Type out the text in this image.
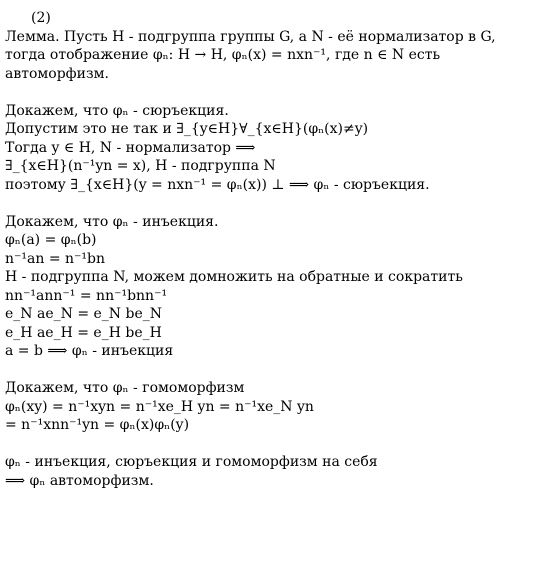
(2)
Лемма. Пусть H - подгруппа группы G, а N - её нормализатор в G,
тогда отображение φₙ: H → H, φₙ(x) = nxn⁻¹, где n ∈ N есть
автоморфизм.
Докажем, что φₙ - сюръекция.
Допустим это не так и ∃_{y∈H}∀_{x∈H}(φₙ(x)≠y)
Тогда y ∈ H, N - нормализатор ⟹
∃_{x∈H}(n⁻¹yn = x), H - подгруппа N
поэтому ∃_{x∈H}(y = nxn⁻¹ = φₙ(x)) ⊥ ⟹ φₙ - сюръекция.
Докажем, что φₙ - инъекция.
φₙ(a) = φₙ(b)
n⁻¹an = n⁻¹bn
H - подгруппа N, можем домножить на обратные и сократить
nn⁻¹ann⁻¹ = nn⁻¹bnn⁻¹
e_N ae_N = e_N be_N
e_H ae_H = e_H be_H
a = b ⟹ φₙ - инъекция
Докажем, что φₙ - гомоморфизм
φₙ(xy) = n⁻¹xyn = n⁻¹xe_H yn = n⁻¹xe_N yn
= n⁻¹xnn⁻¹yn = φₙ(x)φₙ(y)
φₙ - инъекция, сюръекция и гомоморфизм на себя
⟹ φₙ автоморфизм.
